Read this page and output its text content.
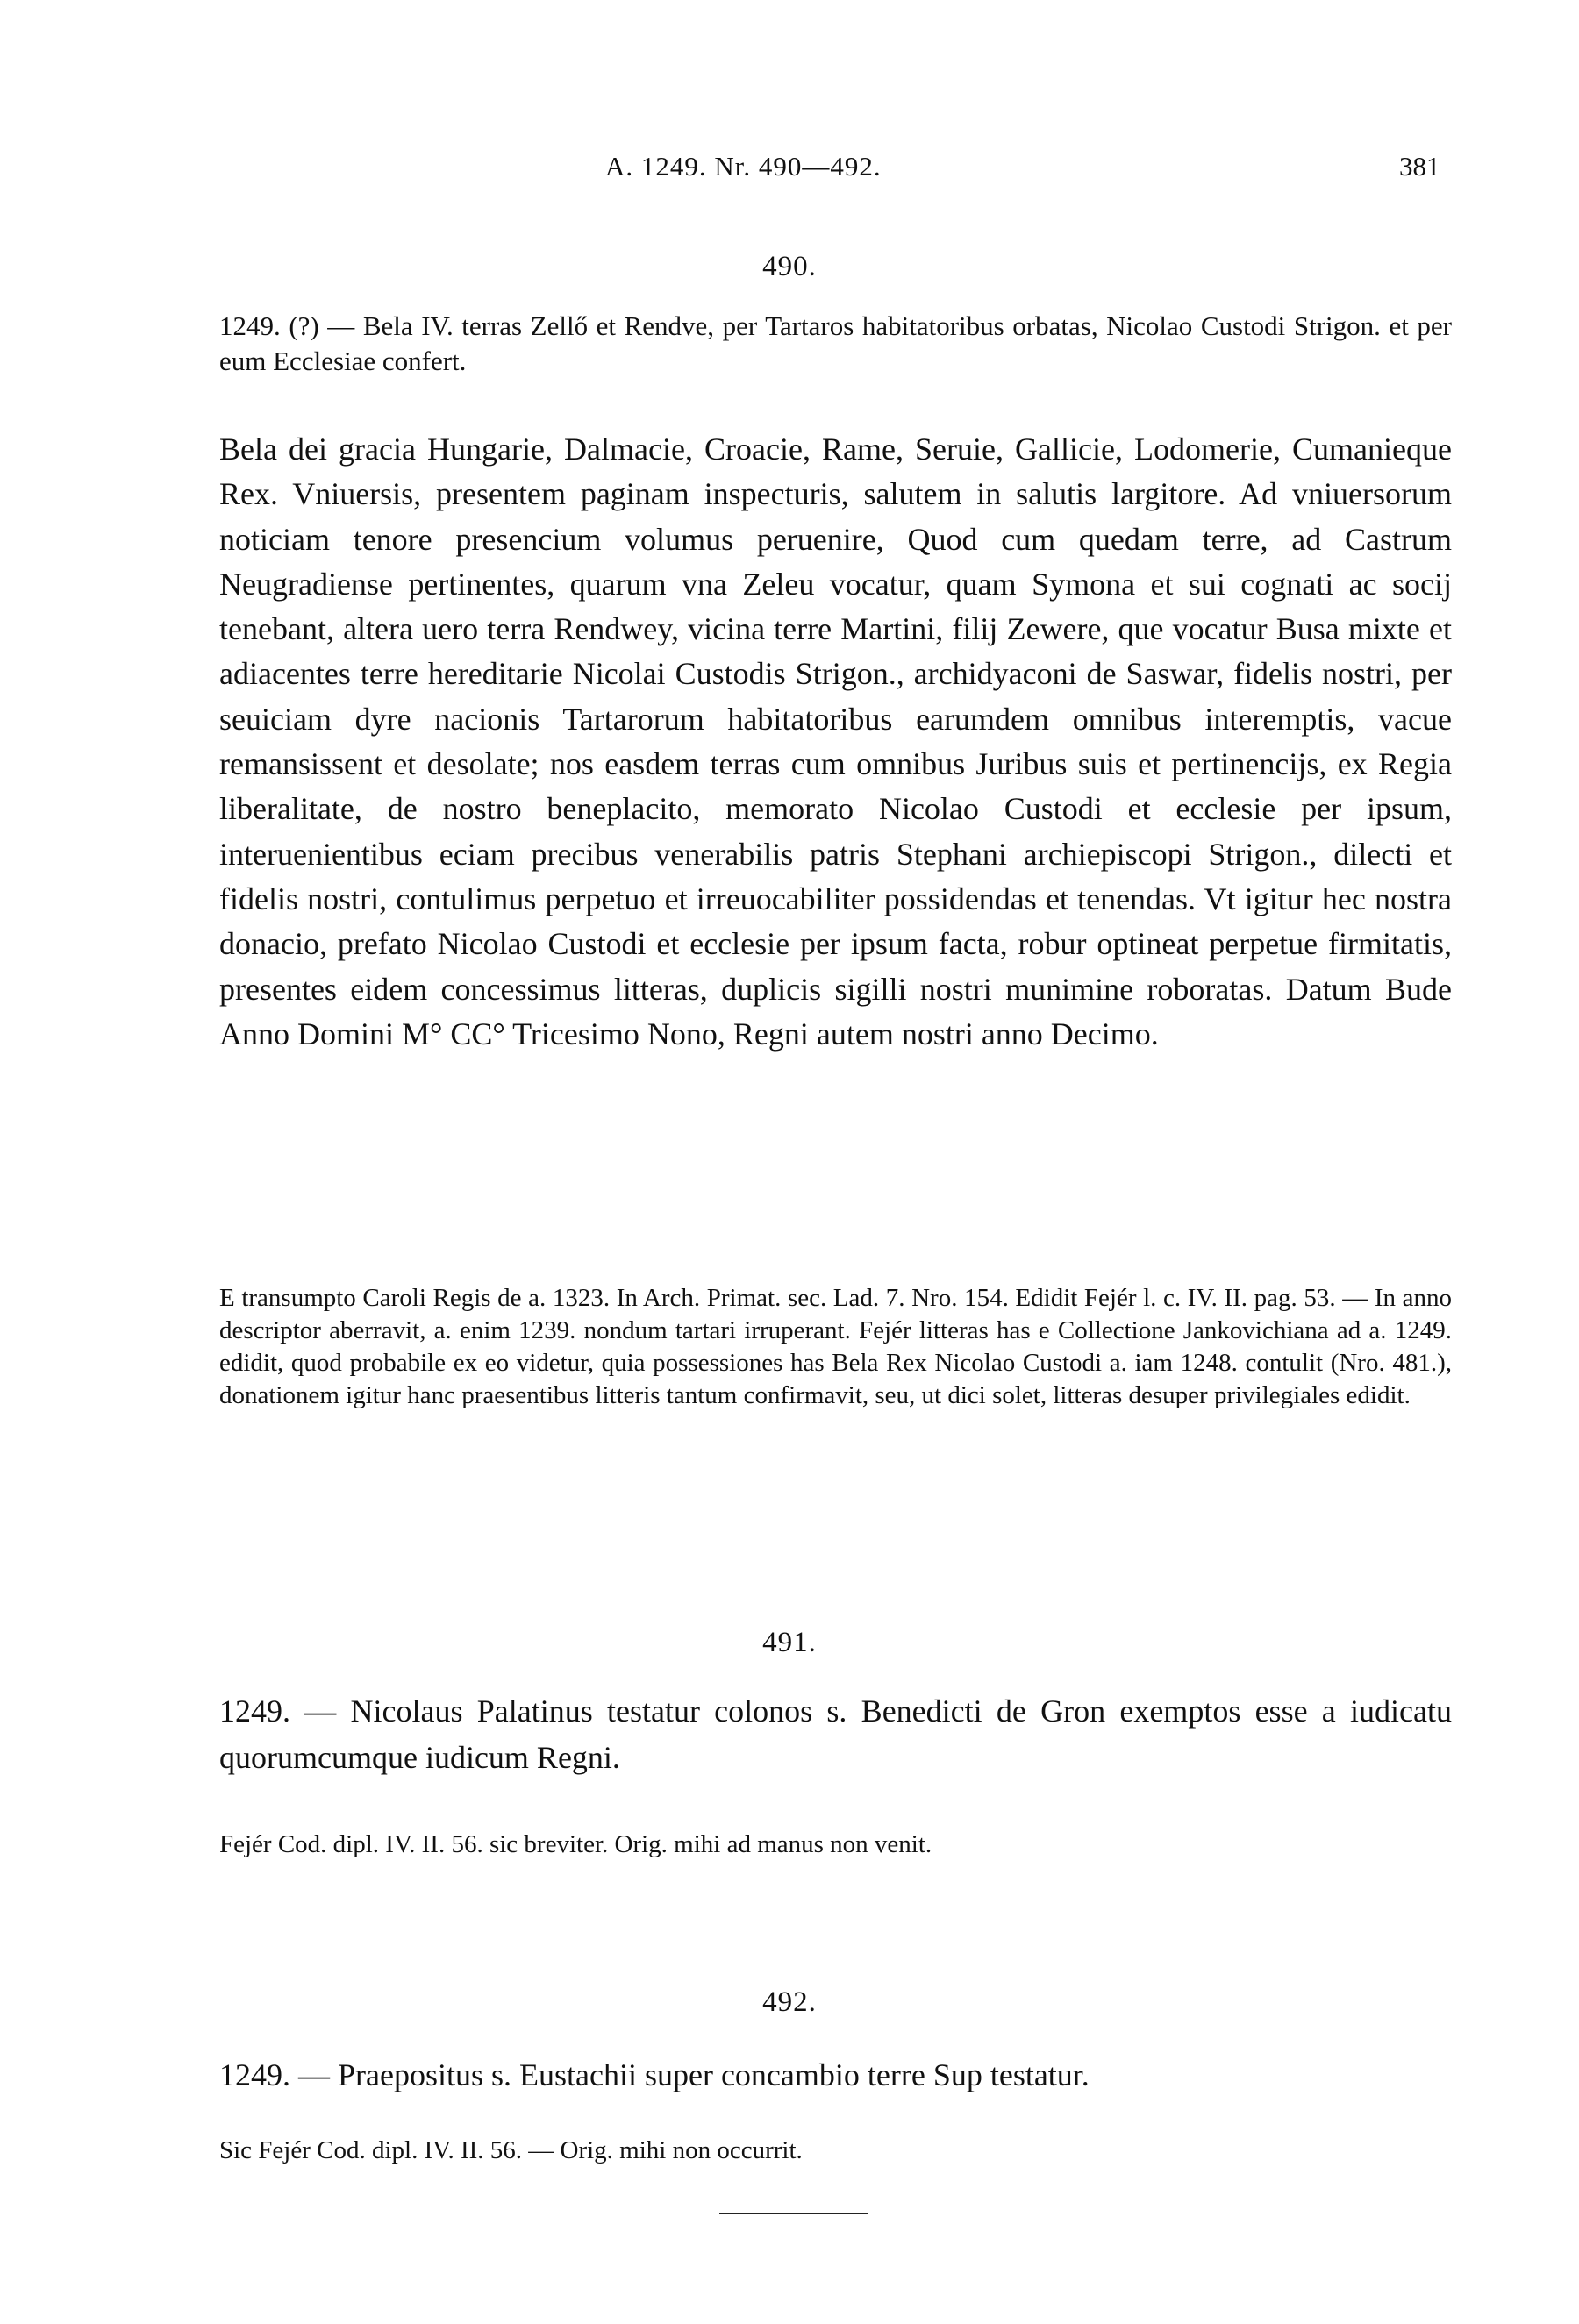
A. 1249. Nr. 490—492.	381
490.

1249. (?) — Bela IV. terras Zellő et Rendve, per Tartaros habitatoribus orbatas, Nicolao Custodi Strigon. et per eum Ecclesiae confert.

Bela dei gracia Hungarie, Dalmacie, Croacie, Rame, Seruie, Gallicie, Lodomerie, Cumanieque Rex. Vniuersis, presentem paginam inspecturis, salutem in salutis largitore. Ad vniuersorum noticiam tenore presencium volumus peruenire, Quod cum quedam terre, ad Castrum Neugradiense pertinentes, quarum vna Zeleu vocatur, quam Symona et sui cognati ac socij tenebant, altera uero terra Rendwey, vicina terre Martini, filij Zewere, que vocatur Busa mixte et adiacentes terre hereditarie Nicolai Custodis Strigon., archidyaconi de Saswar, fidelis nostri, per seuiciam dyre nacionis Tartarorum habitatoribus earumdem omnibus interemptis, vacue remansissent et desolate; nos easdem terras cum omnibus Juribus suis et pertinencijs, ex Regia liberalitate, de nostro beneplacito, memorato Nicolao Custodi et ecclesie per ipsum, interuenientibus eciam precibus venerabilis patris Stephani archiepiscopi Strigon., dilecti et fidelis nostri, contulimus perpetuo et irreuocabiliter possidendas et tenendas. Vt igitur hec nostra donacio, prefato Nicolao Custodi et ecclesie per ipsum facta, robur optineat perpetue firmitatis, presentes eidem concessimus litteras, duplicis sigilli nostri munimine roboratas. Datum Bude Anno Domini M° CC° Tricesimo Nono, Regni autem nostri anno Decimo.

E transumpto Caroli Regis de a. 1323. In Arch. Primat. sec. Lad. 7. Nro. 154. Edidit Fejér l. c. IV. II. pag. 53. — In anno descriptor aberravit, a. enim 1239. nondum tartari irruperant. Fejér litteras has e Collectione Jankovichiana ad a. 1249. edidit, quod probabile ex eo videtur, quia possessiones has Bela Rex Nicolao Custodi a. iam 1248. contulit (Nro. 481.), donationem igitur hanc praesentibus litteris tantum confirmavit, seu, ut dici solet, litteras desuper privilegiales edidit.

491.

1249. — Nicolaus Palatinus testatur colonos s. Benedicti de Gron exemptos esse a iudicatu quorumcumque iudicum Regni.

Fejér Cod. dipl. IV. II. 56. sic breviter. Orig. mihi ad manus non venit.

492.

1249. — Praepositus s. Eustachii super concambio terre Sup testatur.

Sic Fejér Cod. dipl. IV. II. 56. — Orig. mihi non occurrit.
